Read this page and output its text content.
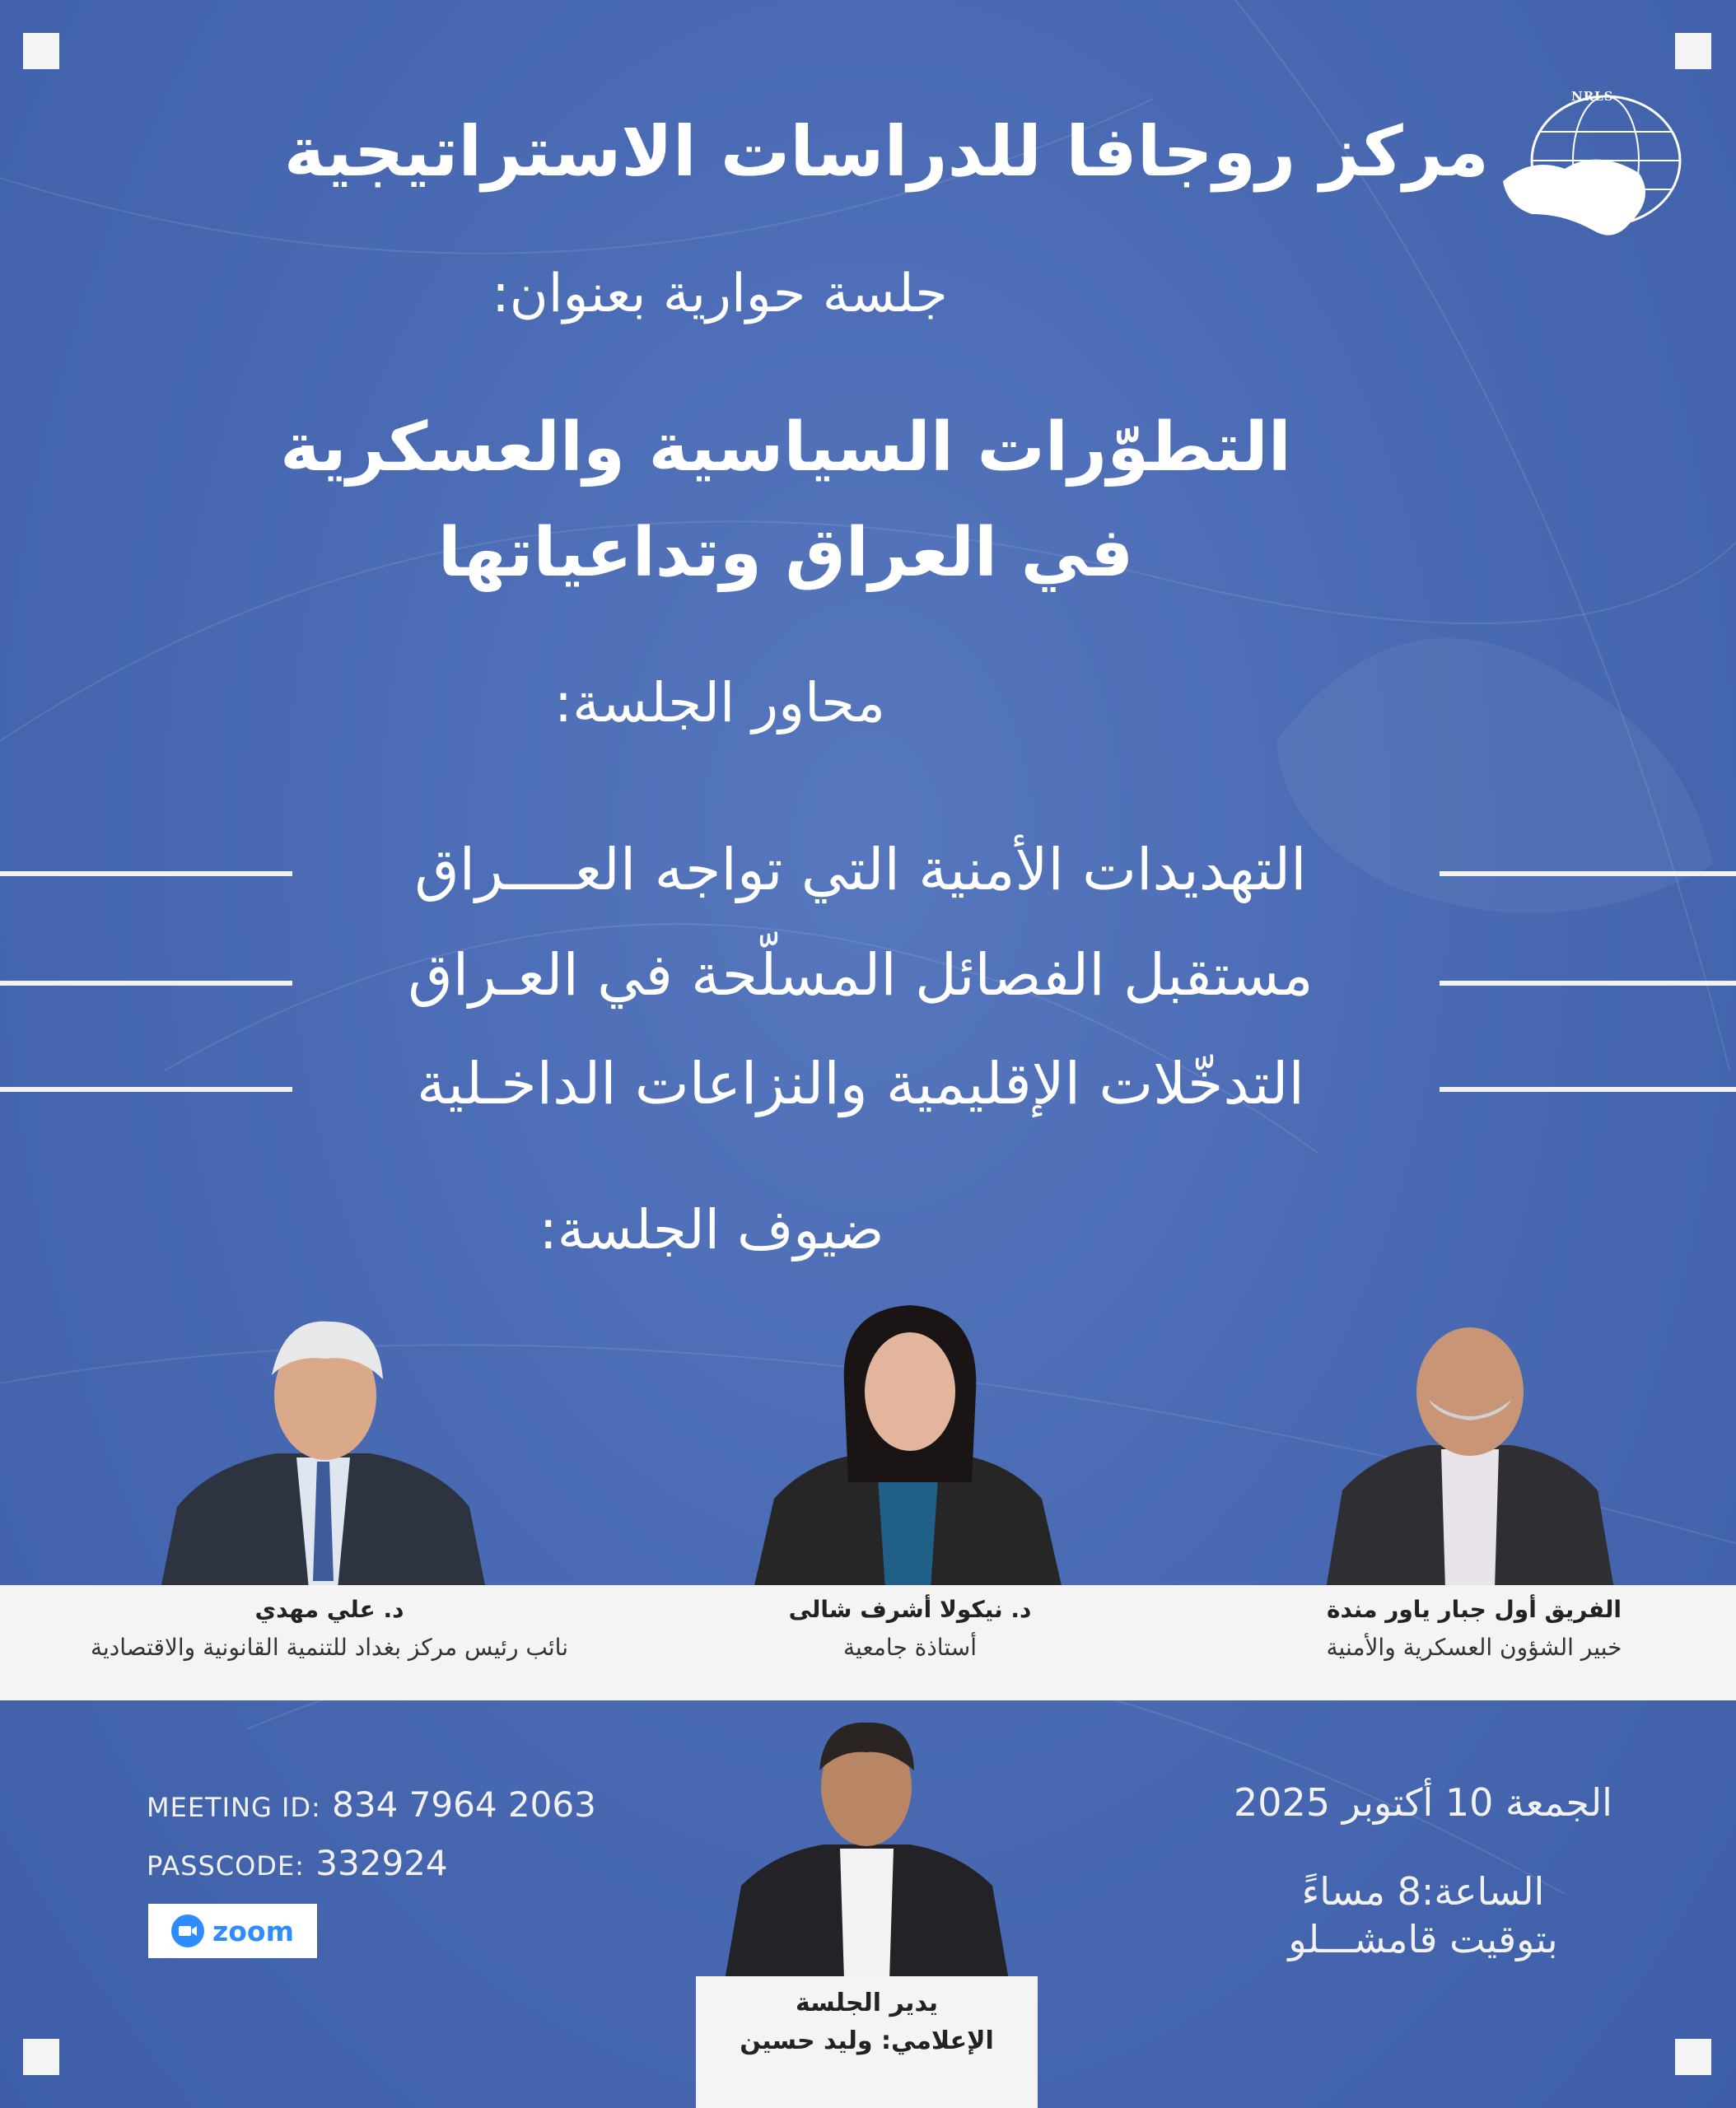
NRLS
مركز روجافا للدراسات الاستراتيجية
جلسة حوارية بعنوان:
التطوّرات السياسية والعسكرية
في العراق وتداعياتها
محاور الجلسة:
التهديدات الأمنية التي تواجه العــــراق
مستقبل الفصائل المسلّحة في العـراق
التدخّلات الإقليمية والنزاعات الداخـلية
ضيوف الجلسة:
د. علي مهدي
نائب رئيس مركز بغداد للتنمية القانونية والاقتصادية
د. نيكولا أشرف شالى
أستاذة جامعية
الفريق أول جبار ياور مندة
خبير الشؤون العسكرية والأمنية
MEETING ID: 834 7964 2063
PASSCODE: 332924
zoom
يدير الجلسة
الإعلامي: وليد حسين
الجمعة 10 أكتوبر 2025
الساعة:8 مساءً
بتوقيت قامشـــلو
